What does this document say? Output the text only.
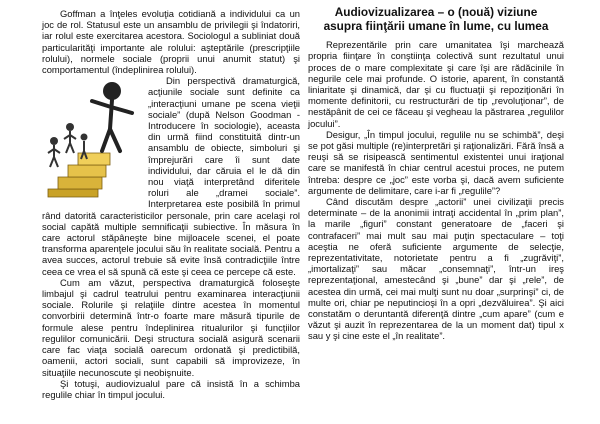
Goffman a înţeles evoluţia cotidiană a individului ca un joc de rol. Statusul este un ansamblu de privilegii şi îndatoriri, iar rolul este exercitarea acestora. Sociologul a subliniat două particularităţi importante ale rolului: aşteptările (prescripţiile rolului), normele sociale (proprii unui anumit statut) şi comportamentul (îndeplinirea rolului).

Din perspectivă dramaturgică, acţiunile sociale sunt definite ca „interacţiuni umane pe scena vieţii sociale” (după Nelson Goodman - Introducere în sociologie), aceasta din urmă fiind constituită dintr-un ansamblu de obiecte, simboluri şi împrejurări care îi sunt date individului, dar căruia el le dă din nou viaţă interpretând diferitele roluri ale „dramei sociale”. Interpretarea este posibilă în primul rând datorită caracteristicilor personale, prin care acelaşi rol social capătă multiple semnificaţii subiective. În măsura în care actorul stăpâneşte bine mijloacele scenei, el poate transforma aparenţele jocului său în realitate socială. Pentru a avea succes, actorul trebuie să evite însă contradicţiile între ceea ce vrea el să spună că este şi ceea ce percepe că este.

Cum am văzut, perspectiva dramaturgică foloseşte limbajul şi cadrul teatrului pentru examinarea interacţiunii sociale. Rolurile şi relaţiile dintre acestea în momentul convorbirii determină într-o foarte mare măsură tipurile de formule alese pentru îndeplinirea ritualurilor şi funcţiilor regulilor comunicării. Deşi structura socială asigură scenarii care fac viaţa socială oarecum ordonată şi predictibilă, oamenii, actori sociali, sunt capabili să improvizeze, în situaţiile necunoscute şi neobişnuite.

Şi totuşi, audiovizualul pare că insistă în a schimba regulile chiar în timpul jocului.

Audiovizualizarea – o (nouă) viziune
asupra fiinţării umane în lume, cu lumea

Reprezentările prin care umanitatea îşi marchează propria fiinţare în conştiinţa colectivă sunt rezultatul unui proces de o mare complexitate şi care îşi are rădăcinile în negurile cele mai profunde. O istorie, aparent, în constantă liniaritate şi dinamică, dar şi cu fluctuaţii şi repoziţionări în momente definitorii, cu restructurări de tip „revoluţionar”, de nestăpânit de cei ce făceau şi vegheau la păstrarea „regulilor jocului”.

Desigur, „În timpul jocului, regulile nu se schimbă”, deşi se pot găsi multiple (re)interpretări şi raţionalizări. Fără însă a reuşi să se risipească sentimentul existentei unui iraţional care se manifestă în chiar centrul acestui proces, ne putem întreba: despre ce „joc” este vorba şi, dacă avem suficiente argumente de delimitare, care i-ar fi „regulile”?

Când discutăm despre „actorii” unei civilizaţii precis determinate – de la anonimii intraţi accidental în „prim plan”, la marile „figuri” constant generatoare de „faceri şi contrafaceri” mai mult sau mai puţin spectaculare – toţi aceştia ne oferă suficiente argumente de selecţie, reprezentativitate, notorietate pentru a fi „zugrăviţi”, „imortalizaţi” sau măcar „consemnaţi”, într-un ireş reprezentaţional, amestecând şi „bune” dar şi „rele”, de acestea din urmă, cei mai mulţi sunt nu doar „surprinşi” ci, de multe ori, chiar pe neputincioşi în a opri „dezvăluirea”. Şi aici constatăm o deruntantă diferenţă dintre „cum apare” (cum e văzut şi auzit în reprezentarea de la un moment dat) tipul x sau y şi cine este el „în realitate”.
